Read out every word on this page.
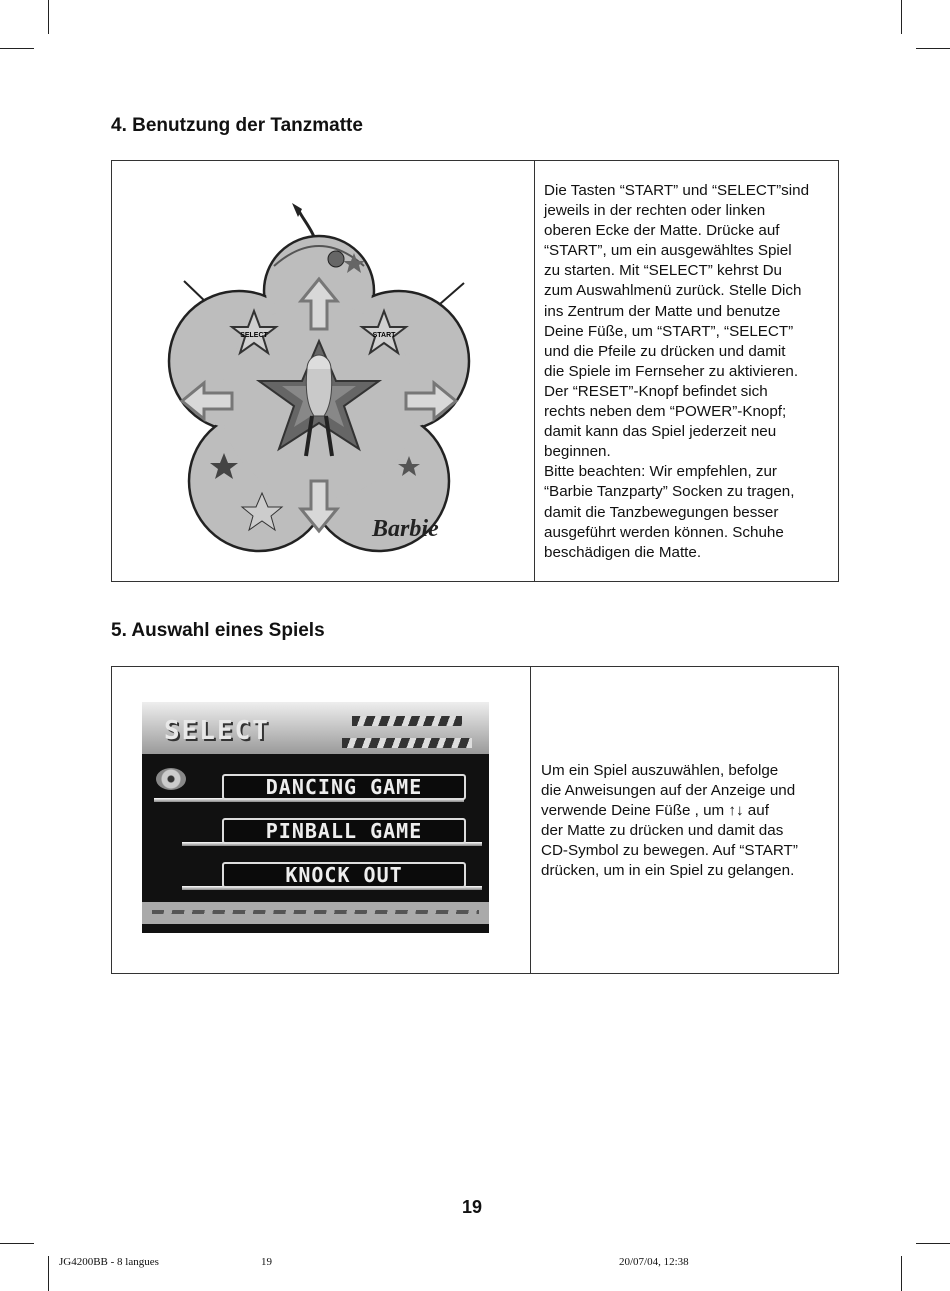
4. Benutzung der Tanzmatte
SELECT	START
Barbie
Die Tasten “START” und “SELECT”sind
jeweils in der rechten oder linken
oberen Ecke der Matte. Drücke auf
“START”, um ein ausgewähltes Spiel
zu starten. Mit “SELECT” kehrst Du
zum Auswahlmenü zurück. Stelle Dich
ins Zentrum der Matte und benutze
Deine Füße, um “START”, “SELECT”
und die Pfeile zu drücken und damit
die Spiele im Fernseher zu aktivieren.
Der “RESET”-Knopf befindet sich
rechts neben dem “POWER”-Knopf;
damit kann das Spiel jederzeit neu
beginnen.
Bitte beachten: Wir empfehlen, zur
“Barbie Tanzparty” Socken zu tragen,
damit die Tanzbewegungen besser
ausgeführt werden können. Schuhe
beschädigen die Matte.
5. Auswahl eines Spiels
Um ein Spiel auszuwählen, befolge
die Anweisungen auf der Anzeige und
verwende Deine Füße , um ↑↓ auf
der Matte zu drücken und damit das
CD-Symbol zu bewegen. Auf “START”
drücken, um in ein Spiel zu gelangen.
SELECT
DANCING GAME
PINBALL GAME
KNOCK OUT
19
JG4200BB - 8 langues	19	20/07/04, 12:38
